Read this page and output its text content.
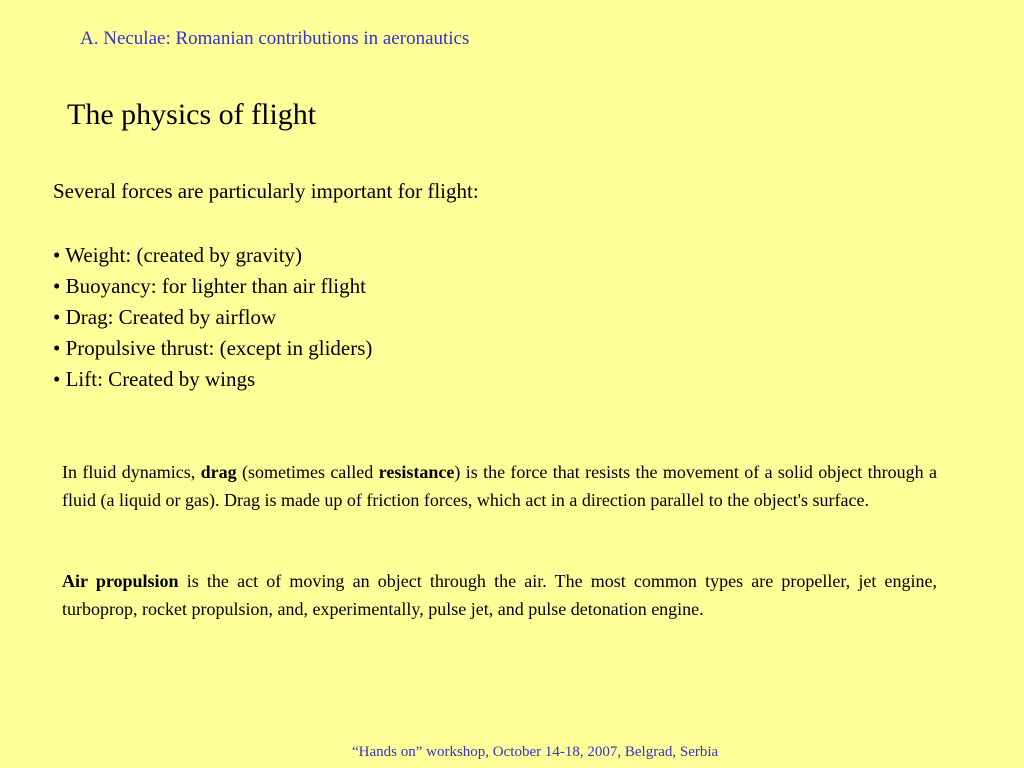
A. Neculae: Romanian contributions in aeronautics
The physics of flight
Several forces are particularly important for flight:
• Weight: (created by gravity)
• Buoyancy: for lighter than air flight
• Drag: Created by airflow
• Propulsive thrust: (except in gliders)
• Lift: Created by wings

In fluid dynamics, drag (sometimes called resistance) is the force that resists the movement of a solid object through a fluid (a liquid or gas). Drag is made up of friction forces, which act in a direction parallel to the object's surface.

Air propulsion is the act of moving an object through the air. The most common types are propeller, jet engine, turboprop, rocket propulsion, and, experimentally, pulse jet, and pulse detonation engine.

“Hands on” workshop, October 14-18, 2007, Belgrad, Serbia
